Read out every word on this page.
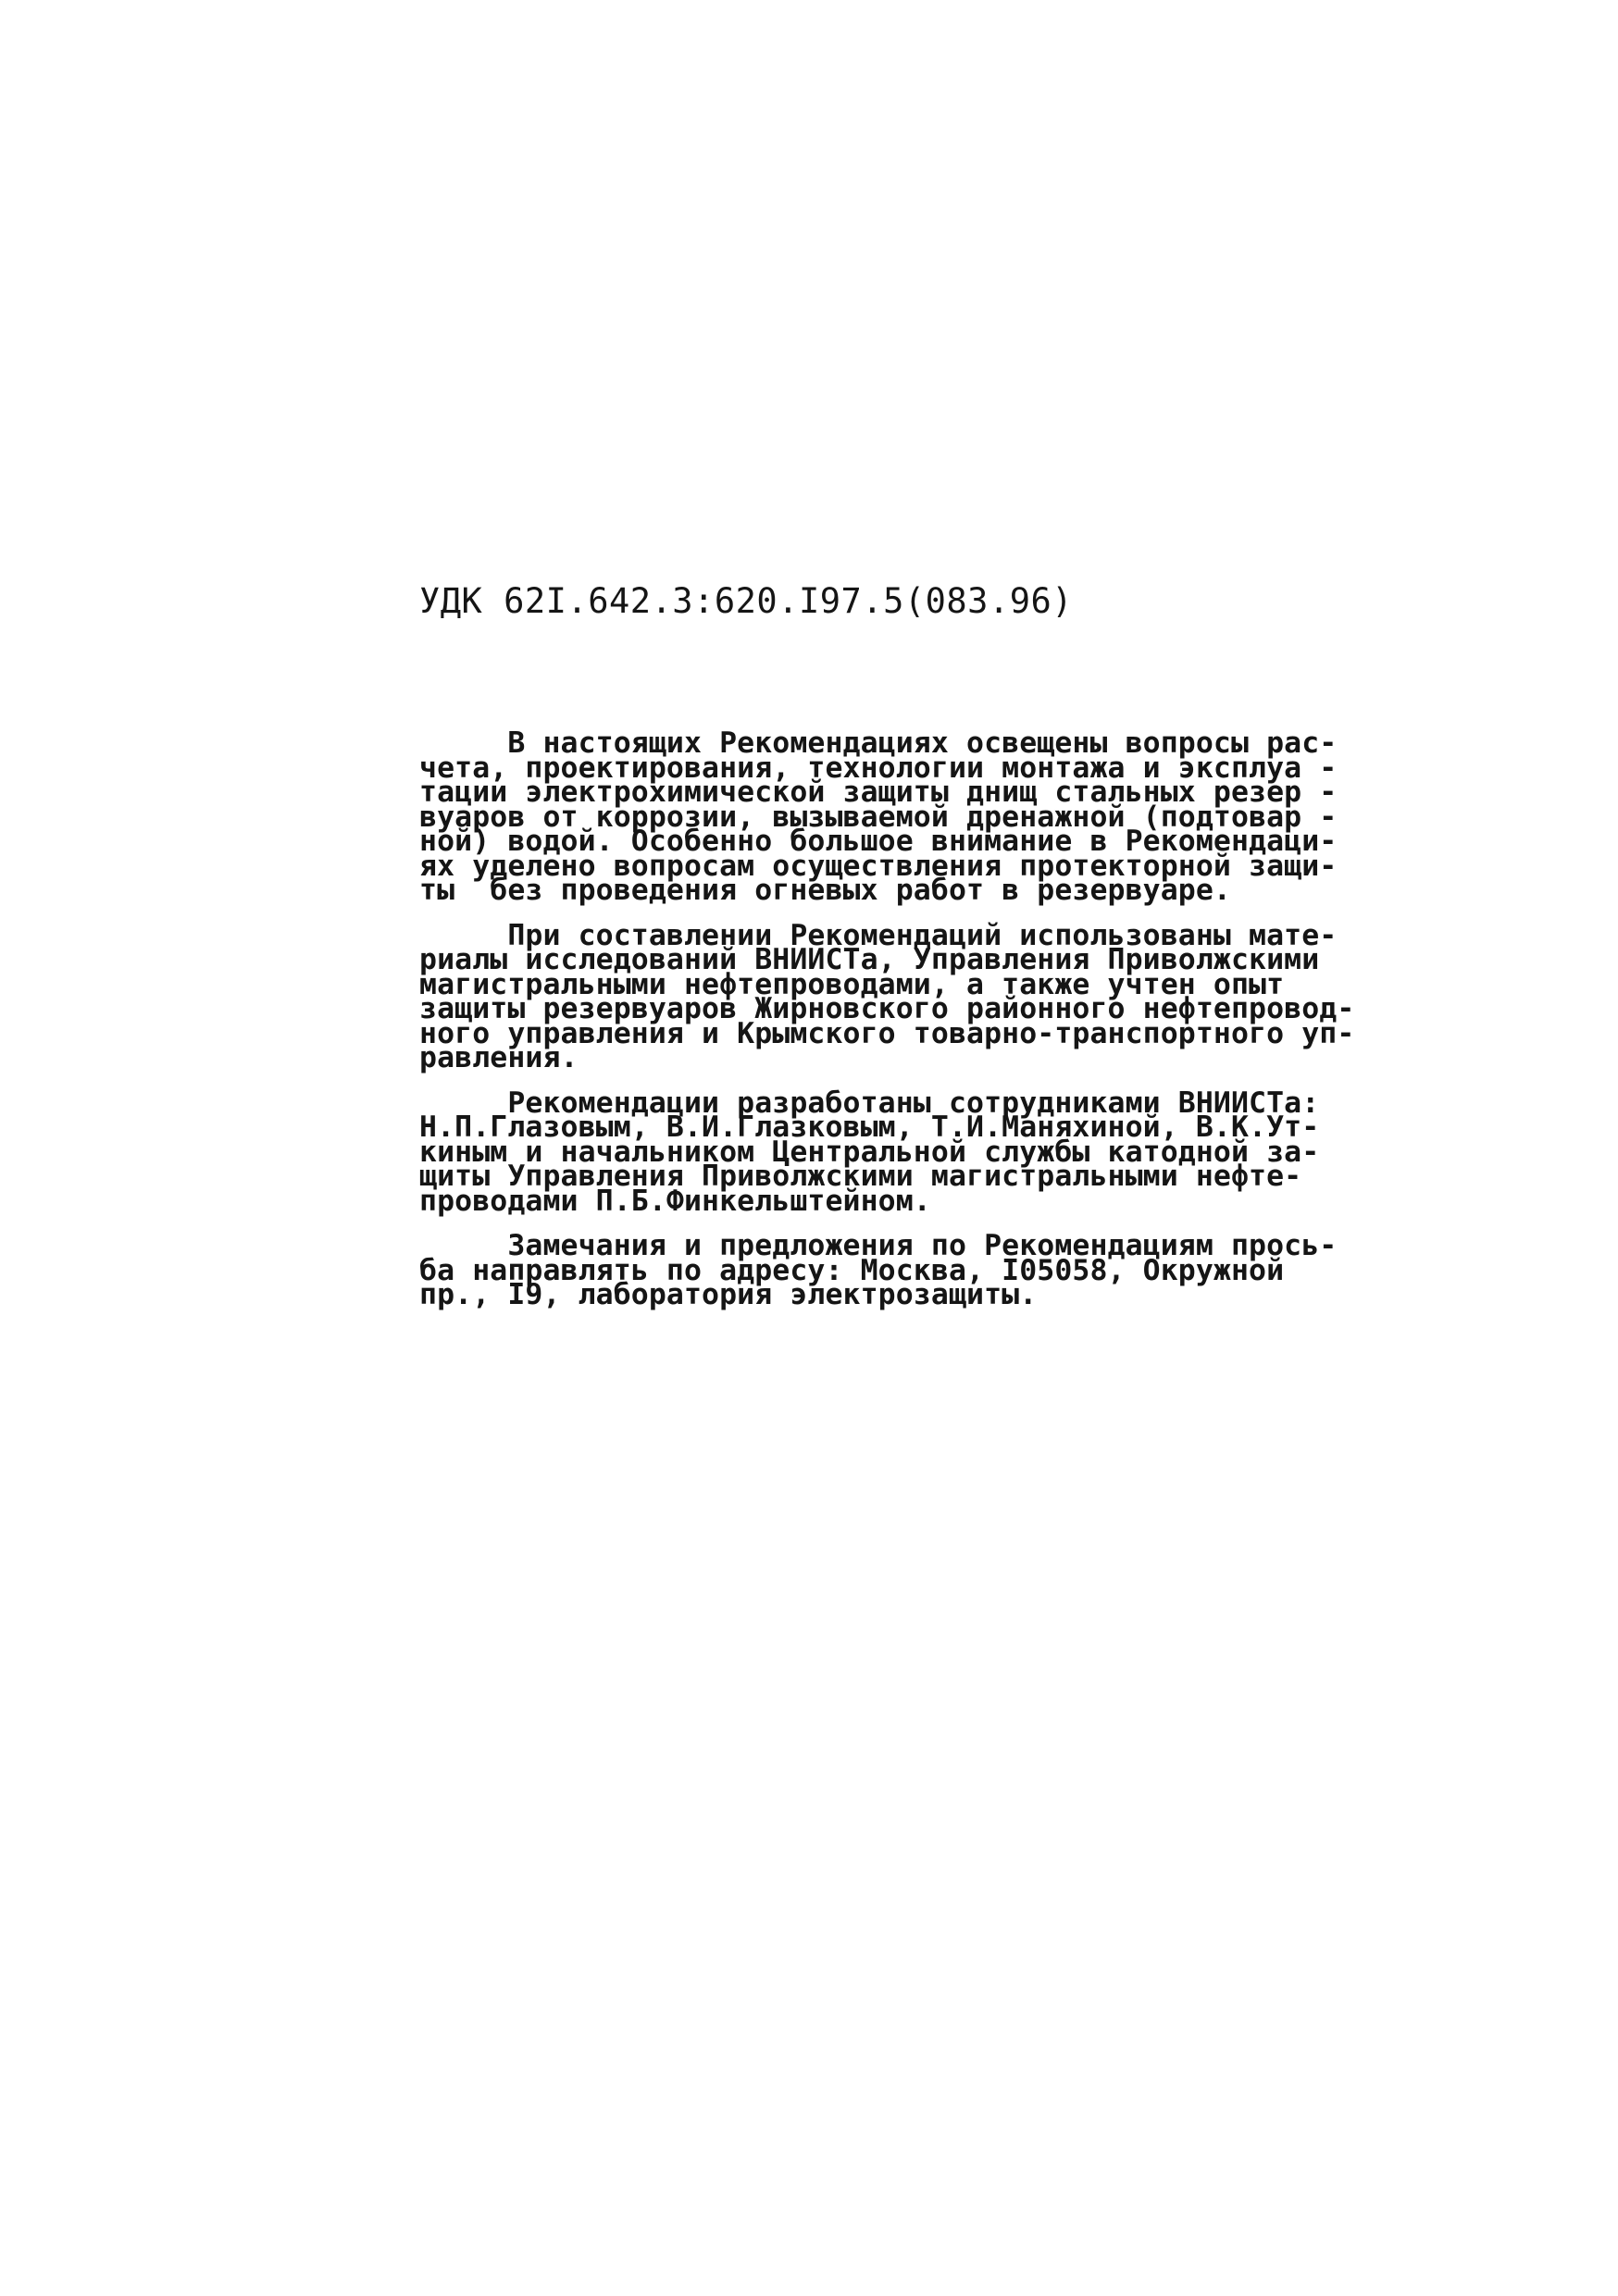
УДК 62I.642.3:620.I97.5(083.96)
В настоящих Рекомендациях освещены вопросы рас-
чета, проектирования, технологии монтажа и эксплуа -
тации электрохимической защиты днищ стальных резер -
вуаров от коррозии, вызываемой дренажной (подтовар -
ной) водой. Особенно большое внимание в Рекомендаци-
ях уделено вопросам осуществления протекторной защи-
ты  без проведения огневых работ в резервуаре.
При составлении Рекомендаций использованы мате-
риалы исследований ВНИИСТа, Управления Приволжскими
магистральными нефтепроводами, а также учтен опыт
защиты резервуаров Жирновского районного нефтепровод-
ного управления и Крымского товарно-транспортного уп-
равления.
Рекомендации разработаны сотрудниками ВНИИСТа:
Н.П.Глазовым, В.И.Глазковым, Т.И.Маняхиной, В.К.Ут-
киным и начальником Центральной службы катодной за-
щиты Управления Приволжскими магистральными нефте-
проводами П.Б.Финкельштейном.
Замечания и предложения по Рекомендациям прось-
ба направлять по адресу: Москва, I05058, Окружной
пр., I9, лаборатория электрозащиты.
